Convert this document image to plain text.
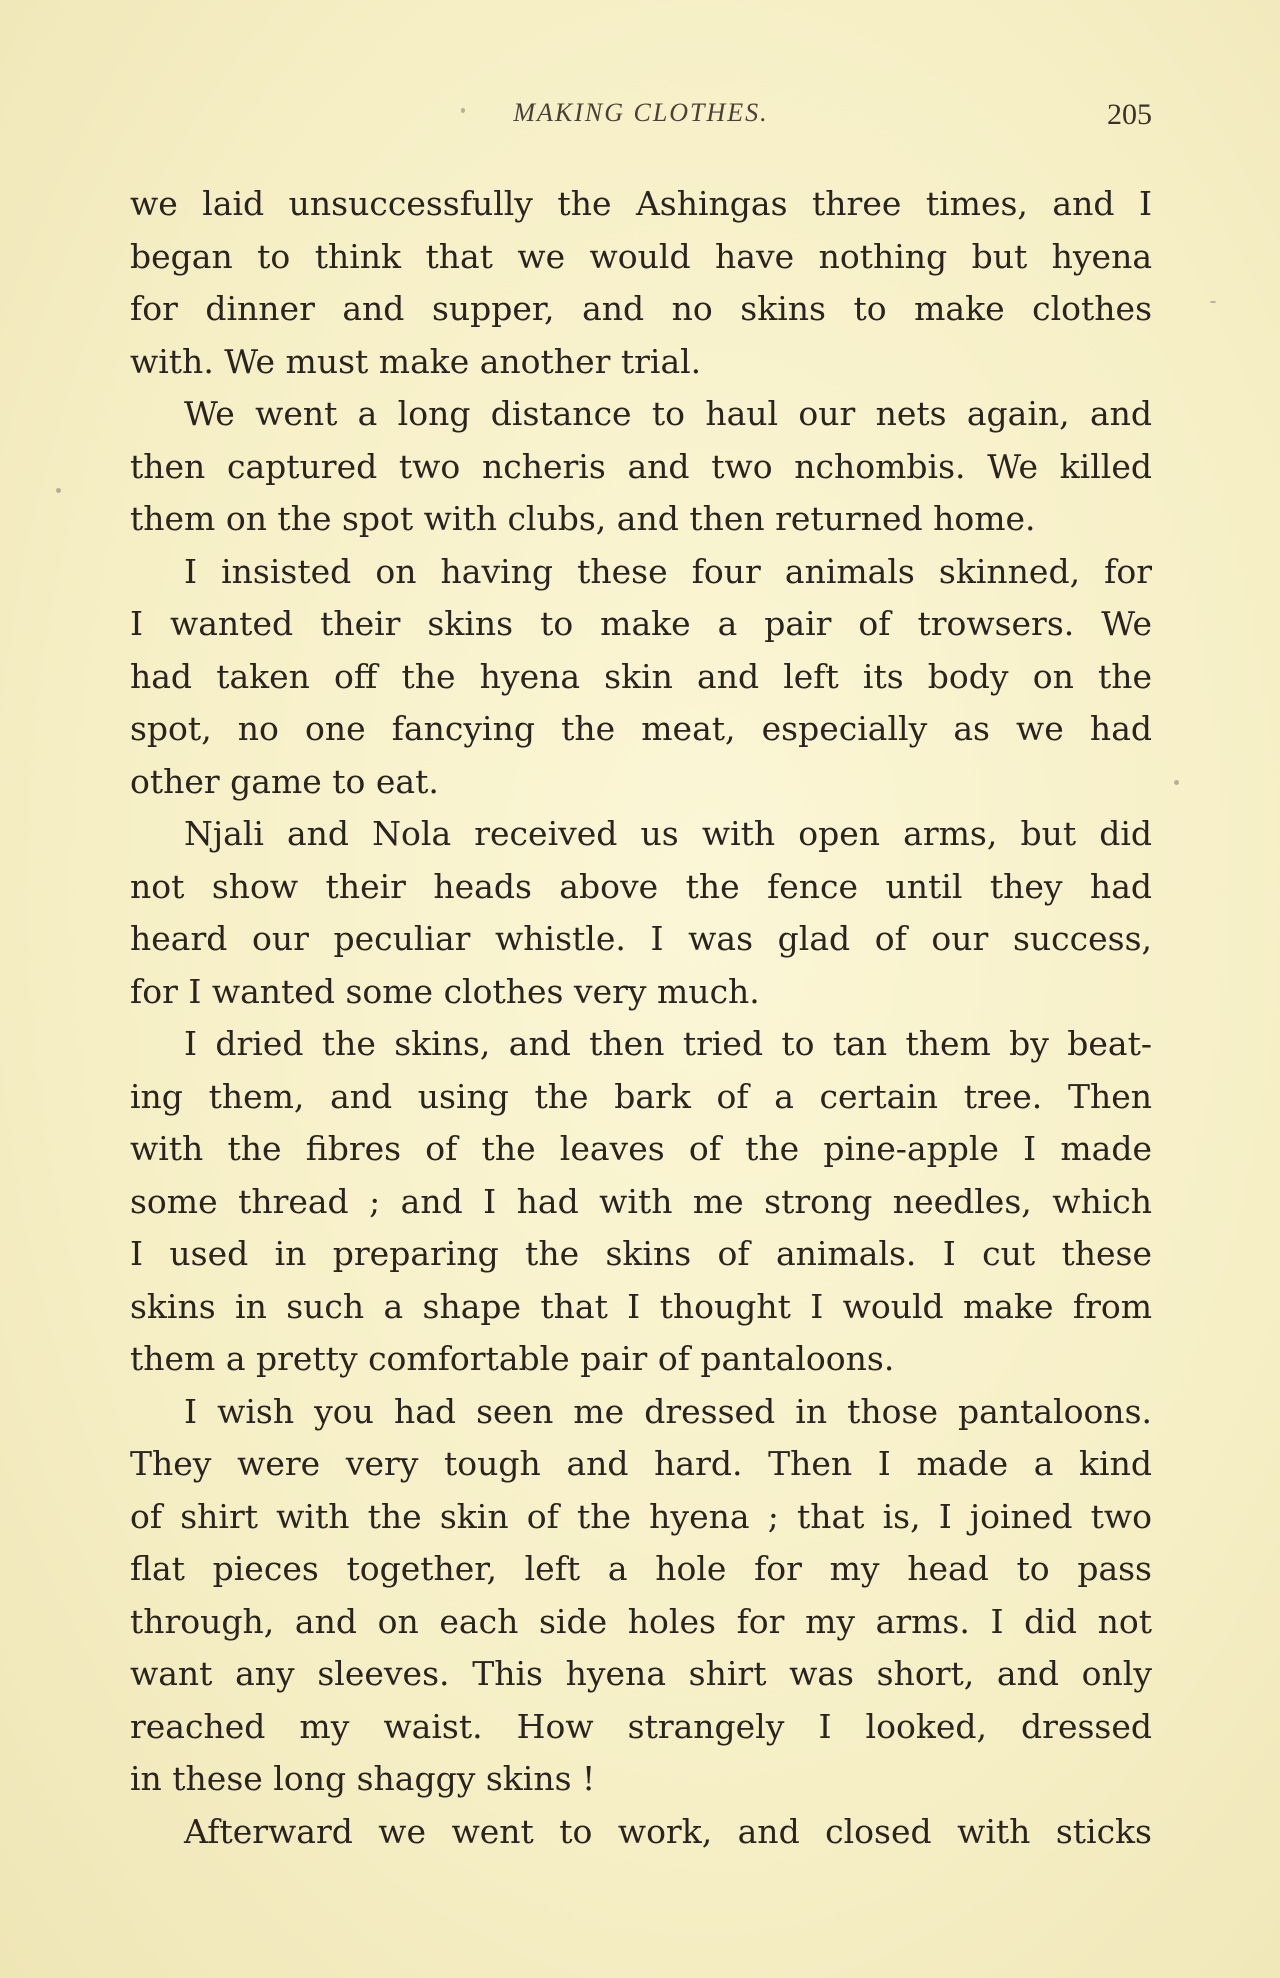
MAKING CLOTHES.	205
we laid unsuccessfully the Ashingas three times, and I
began to think that we would have nothing but hyena
for dinner and supper, and no skins to make clothes
with. We must make another trial.
We went a long distance to haul our nets again, and
then captured two ncheris and two nchombis. We killed
them on the spot with clubs, and then returned home.
I insisted on having these four animals skinned, for
I wanted their skins to make a pair of trowsers. We
had taken off the hyena skin and left its body on the
spot, no one fancying the meat, especially as we had
other game to eat.
Njali and Nola received us with open arms, but did
not show their heads above the fence until they had
heard our peculiar whistle. I was glad of our success,
for I wanted some clothes very much.
I dried the skins, and then tried to tan them by beat-
ing them, and using the bark of a certain tree. Then
with the fibres of the leaves of the pine-apple I made
some thread ; and I had with me strong needles, which
I used in preparing the skins of animals. I cut these
skins in such a shape that I thought I would make from
them a pretty comfortable pair of pantaloons.
I wish you had seen me dressed in those pantaloons.
They were very tough and hard. Then I made a kind
of shirt with the skin of the hyena ; that is, I joined two
flat pieces together, left a hole for my head to pass
through, and on each side holes for my arms. I did not
want any sleeves. This hyena shirt was short, and only
reached my waist. How strangely I looked, dressed
in these long shaggy skins !
Afterward we went to work, and closed with sticks
